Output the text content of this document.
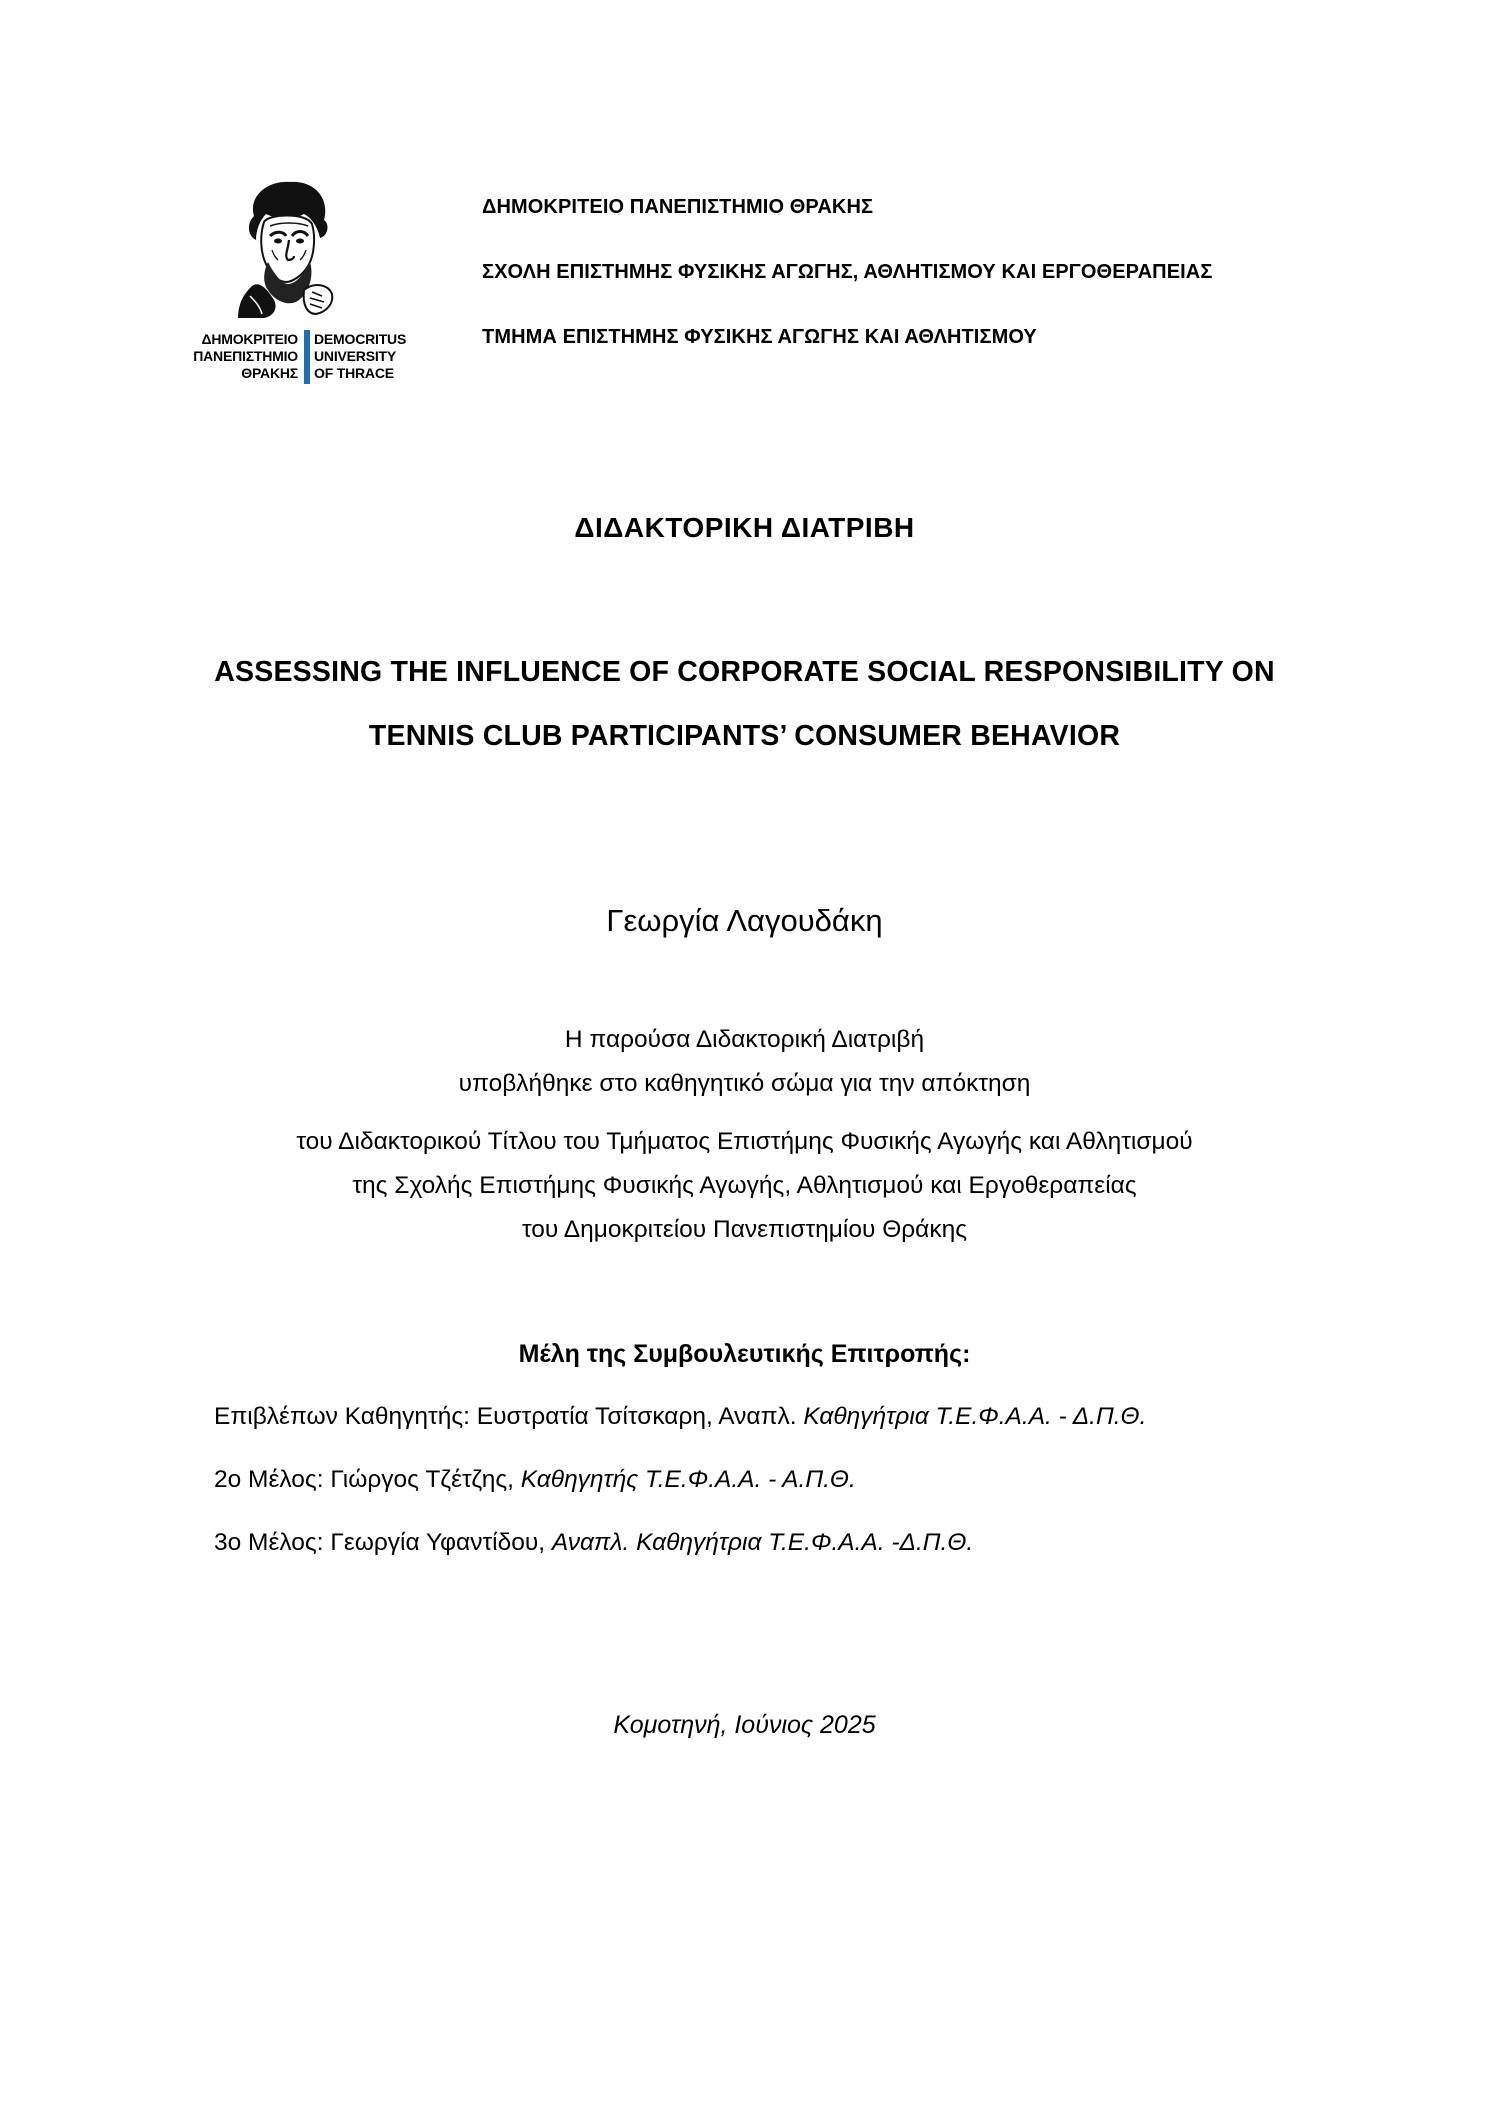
ΔΗΜΟΚΡΙΤΕΙΟ
ΠΑΝΕΠΙΣΤΗΜΙΟ
ΘΡΑΚΗΣ
DEMOCRITUS
UNIVERSITY
OF THRACE
ΔΗΜΟΚΡΙΤΕΙΟ ΠΑΝΕΠΙΣΤΗΜΙΟ ΘΡΑΚΗΣ
ΣΧΟΛΗ ΕΠΙΣΤΗΜΗΣ ΦΥΣΙΚΗΣ ΑΓΩΓΗΣ, ΑΘΛΗΤΙΣΜΟΥ ΚΑΙ ΕΡΓΟΘΕΡΑΠΕΙΑΣ
ΤΜΗΜΑ ΕΠΙΣΤΗΜΗΣ ΦΥΣΙΚΗΣ ΑΓΩΓΗΣ ΚΑΙ ΑΘΛΗΤΙΣΜΟΥ
ΔΙΔΑΚΤΟΡΙΚΗ ΔΙΑΤΡΙΒΗ
ASSESSING THE INFLUENCE OF CORPORATE SOCIAL RESPONSIBILITY ON
TENNIS CLUB PARTICIPANTS’ CONSUMER BEHAVIOR
Γεωργία Λαγουδάκη
Η παρούσα Διδακτορική Διατριβή
υποβλήθηκε στο καθηγητικό σώμα για την απόκτηση
του Διδακτορικού Τίτλου του Τμήματος Επιστήμης Φυσικής Αγωγής και Αθλητισμού
της Σχολής Επιστήμης Φυσικής Αγωγής, Αθλητισμού και Εργοθεραπείας
του Δημοκριτείου Πανεπιστημίου Θράκης
Μέλη της Συμβουλευτικής Επιτροπής:
Επιβλέπων Καθηγητής: Ευστρατία Τσίτσκαρη, Αναπλ. Καθηγήτρια Τ.Ε.Φ.Α.Α. - Δ.Π.Θ.
2ο Μέλος: Γιώργος Τζέτζης, Καθηγητής Τ.Ε.Φ.Α.Α. - Α.Π.Θ.
3ο Μέλος: Γεωργία Υφαντίδου, Αναπλ. Καθηγήτρια Τ.Ε.Φ.Α.Α. -Δ.Π.Θ.
Κομοτηνή, Ιούνιος 2025
